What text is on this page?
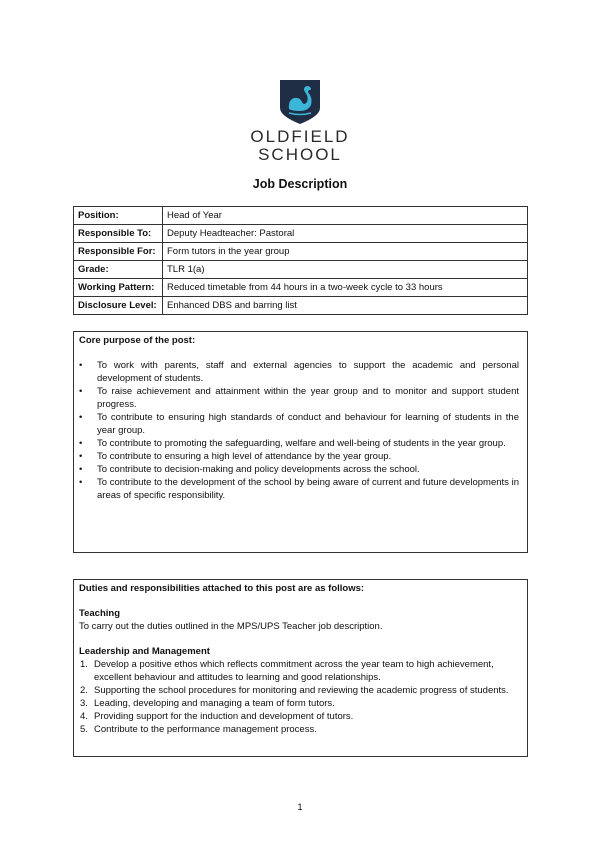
OLDFIELD
SCHOOL
Job Description
Position:	Head of Year
Responsible To:	Deputy Headteacher: Pastoral
Responsible For:	Form tutors in the year group
Grade:	TLR 1(a)
Working Pattern:	Reduced timetable from 44 hours in a two-week cycle to 33 hours
Disclosure Level:	Enhanced DBS and barring list
Core purpose of the post:
• To work with parents, staff and external agencies to support the academic and personal development of students.
• To raise achievement and attainment within the year group and to monitor and support student progress.
• To contribute to ensuring high standards of conduct and behaviour for learning of students in the year group.
• To contribute to promoting the safeguarding, welfare and well-being of students in the year group.
• To contribute to ensuring a high level of attendance by the year group.
• To contribute to decision-making and policy developments across the school.
• To contribute to the development of the school by being aware of current and future developments in areas of specific responsibility.
Duties and responsibilities attached to this post are as follows:
Teaching
To carry out the duties outlined in the MPS/UPS Teacher job description.
Leadership and Management
1. Develop a positive ethos which reflects commitment across the year team to high achievement, excellent behaviour and attitudes to learning and good relationships.
2. Supporting the school procedures for monitoring and reviewing the academic progress of students.
3. Leading, developing and managing a team of form tutors.
4. Providing support for the induction and development of tutors.
5. Contribute to the performance management process.
1
